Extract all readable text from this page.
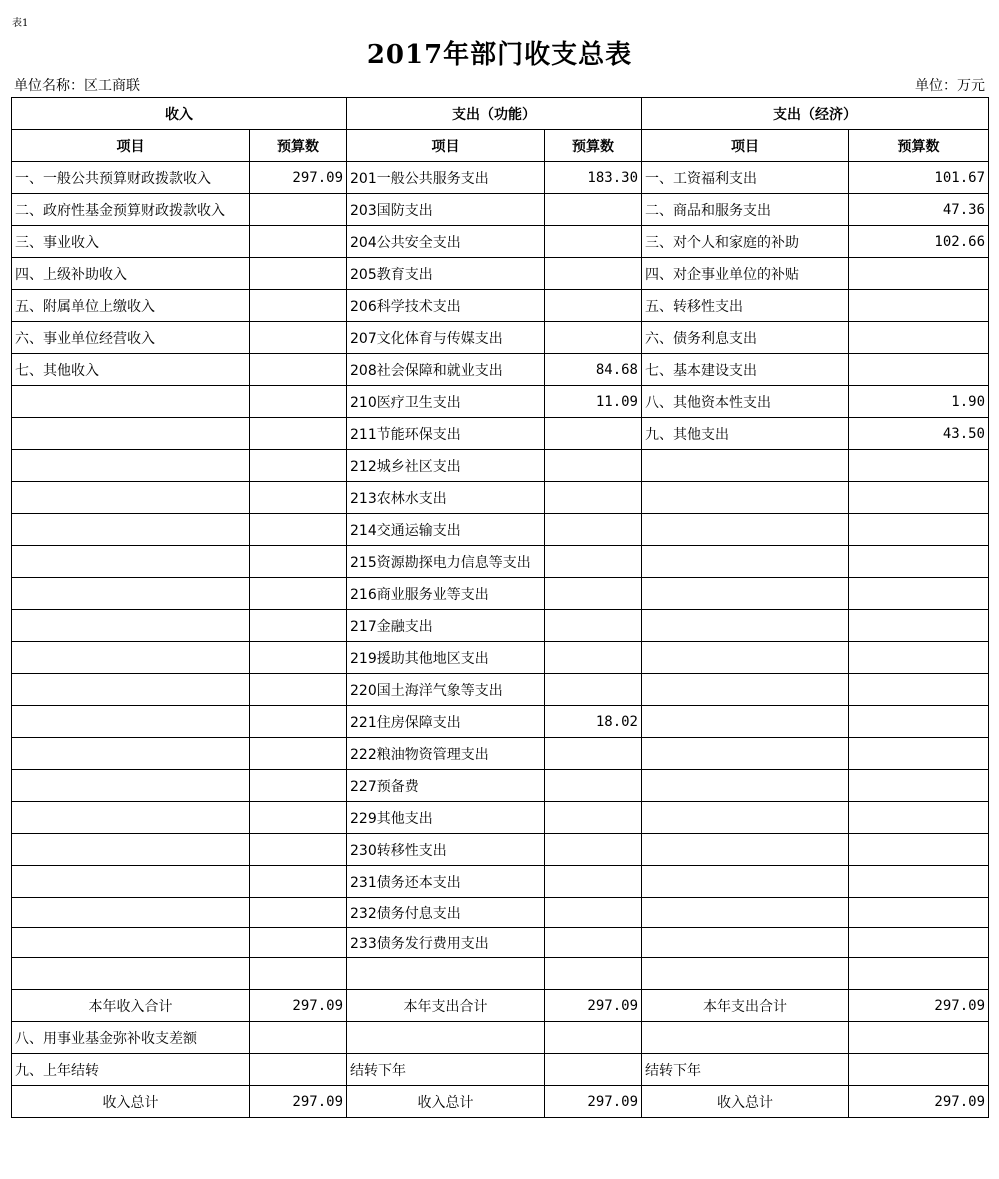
表1
2017年部门收支总表
单位名称：区工商联	单位：万元
收入		支出（功能）		支出（经济）	
项目	预算数	项目	预算数	项目	预算数
一、一般公共预算财政拨款收入	297.09	201一般公共服务支出	183.30	一、工资福利支出	101.67
二、政府性基金预算财政拨款收入		203国防支出		二、商品和服务支出	47.36
三、事业收入		204公共安全支出		三、对个人和家庭的补助	102.66
四、上级补助收入		205教育支出		四、对企事业单位的补贴	
五、附属单位上缴收入		206科学技术支出		五、转移性支出	
六、事业单位经营收入		207文化体育与传媒支出		六、债务利息支出	
七、其他收入		208社会保障和就业支出	84.68	七、基本建设支出	
		210医疗卫生支出	11.09	八、其他资本性支出	1.90
		211节能环保支出		九、其他支出	43.50
		212城乡社区支出			
		213农林水支出			
		214交通运输支出			
		215资源勘探电力信息等支出			
		216商业服务业等支出			
		217金融支出			
		219援助其他地区支出			
		220国土海洋气象等支出			
		221住房保障支出	18.02		
		222粮油物资管理支出			
		227预备费			
		229其他支出			
		230转移性支出			
		231债务还本支出			
		232债务付息支出			
		233债务发行费用支出			

本年收入合计	297.09	本年支出合计	297.09	本年支出合计	297.09
八、用事业基金弥补收支差额					
九、上年结转		结转下年		结转下年	
收入总计	297.09	收入总计	297.09	收入总计	297.09
